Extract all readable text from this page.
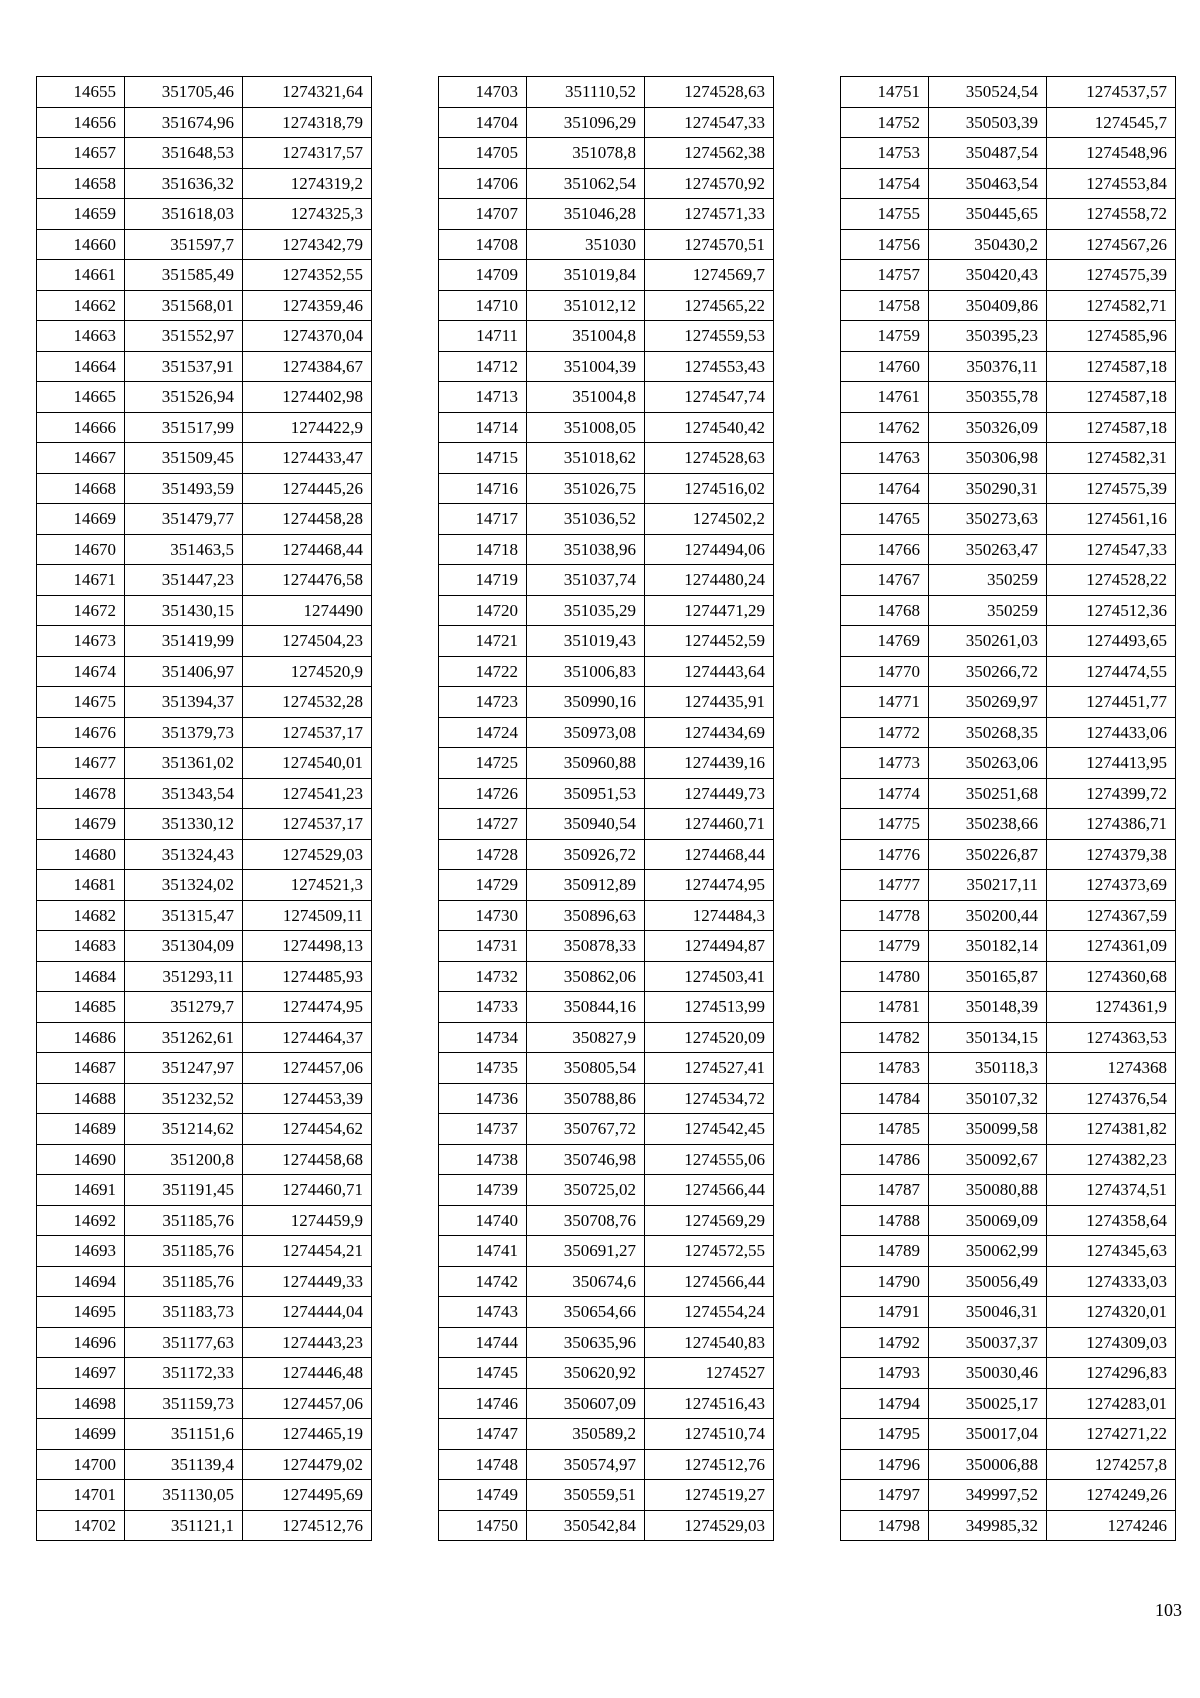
14655	351705,46	1274321,64
14656	351674,96	1274318,79
14657	351648,53	1274317,57
14658	351636,32	1274319,2
14659	351618,03	1274325,3
14660	351597,7	1274342,79
14661	351585,49	1274352,55
14662	351568,01	1274359,46
14663	351552,97	1274370,04
14664	351537,91	1274384,67
14665	351526,94	1274402,98
14666	351517,99	1274422,9
14667	351509,45	1274433,47
14668	351493,59	1274445,26
14669	351479,77	1274458,28
14670	351463,5	1274468,44
14671	351447,23	1274476,58
14672	351430,15	1274490
14673	351419,99	1274504,23
14674	351406,97	1274520,9
14675	351394,37	1274532,28
14676	351379,73	1274537,17
14677	351361,02	1274540,01
14678	351343,54	1274541,23
14679	351330,12	1274537,17
14680	351324,43	1274529,03
14681	351324,02	1274521,3
14682	351315,47	1274509,11
14683	351304,09	1274498,13
14684	351293,11	1274485,93
14685	351279,7	1274474,95
14686	351262,61	1274464,37
14687	351247,97	1274457,06
14688	351232,52	1274453,39
14689	351214,62	1274454,62
14690	351200,8	1274458,68
14691	351191,45	1274460,71
14692	351185,76	1274459,9
14693	351185,76	1274454,21
14694	351185,76	1274449,33
14695	351183,73	1274444,04
14696	351177,63	1274443,23
14697	351172,33	1274446,48
14698	351159,73	1274457,06
14699	351151,6	1274465,19
14700	351139,4	1274479,02
14701	351130,05	1274495,69
14702	351121,1	1274512,76
14703	351110,52	1274528,63
14704	351096,29	1274547,33
14705	351078,8	1274562,38
14706	351062,54	1274570,92
14707	351046,28	1274571,33
14708	351030	1274570,51
14709	351019,84	1274569,7
14710	351012,12	1274565,22
14711	351004,8	1274559,53
14712	351004,39	1274553,43
14713	351004,8	1274547,74
14714	351008,05	1274540,42
14715	351018,62	1274528,63
14716	351026,75	1274516,02
14717	351036,52	1274502,2
14718	351038,96	1274494,06
14719	351037,74	1274480,24
14720	351035,29	1274471,29
14721	351019,43	1274452,59
14722	351006,83	1274443,64
14723	350990,16	1274435,91
14724	350973,08	1274434,69
14725	350960,88	1274439,16
14726	350951,53	1274449,73
14727	350940,54	1274460,71
14728	350926,72	1274468,44
14729	350912,89	1274474,95
14730	350896,63	1274484,3
14731	350878,33	1274494,87
14732	350862,06	1274503,41
14733	350844,16	1274513,99
14734	350827,9	1274520,09
14735	350805,54	1274527,41
14736	350788,86	1274534,72
14737	350767,72	1274542,45
14738	350746,98	1274555,06
14739	350725,02	1274566,44
14740	350708,76	1274569,29
14741	350691,27	1274572,55
14742	350674,6	1274566,44
14743	350654,66	1274554,24
14744	350635,96	1274540,83
14745	350620,92	1274527
14746	350607,09	1274516,43
14747	350589,2	1274510,74
14748	350574,97	1274512,76
14749	350559,51	1274519,27
14750	350542,84	1274529,03
14751	350524,54	1274537,57
14752	350503,39	1274545,7
14753	350487,54	1274548,96
14754	350463,54	1274553,84
14755	350445,65	1274558,72
14756	350430,2	1274567,26
14757	350420,43	1274575,39
14758	350409,86	1274582,71
14759	350395,23	1274585,96
14760	350376,11	1274587,18
14761	350355,78	1274587,18
14762	350326,09	1274587,18
14763	350306,98	1274582,31
14764	350290,31	1274575,39
14765	350273,63	1274561,16
14766	350263,47	1274547,33
14767	350259	1274528,22
14768	350259	1274512,36
14769	350261,03	1274493,65
14770	350266,72	1274474,55
14771	350269,97	1274451,77
14772	350268,35	1274433,06
14773	350263,06	1274413,95
14774	350251,68	1274399,72
14775	350238,66	1274386,71
14776	350226,87	1274379,38
14777	350217,11	1274373,69
14778	350200,44	1274367,59
14779	350182,14	1274361,09
14780	350165,87	1274360,68
14781	350148,39	1274361,9
14782	350134,15	1274363,53
14783	350118,3	1274368
14784	350107,32	1274376,54
14785	350099,58	1274381,82
14786	350092,67	1274382,23
14787	350080,88	1274374,51
14788	350069,09	1274358,64
14789	350062,99	1274345,63
14790	350056,49	1274333,03
14791	350046,31	1274320,01
14792	350037,37	1274309,03
14793	350030,46	1274296,83
14794	350025,17	1274283,01
14795	350017,04	1274271,22
14796	350006,88	1274257,8
14797	349997,52	1274249,26
14798	349985,32	1274246
103
